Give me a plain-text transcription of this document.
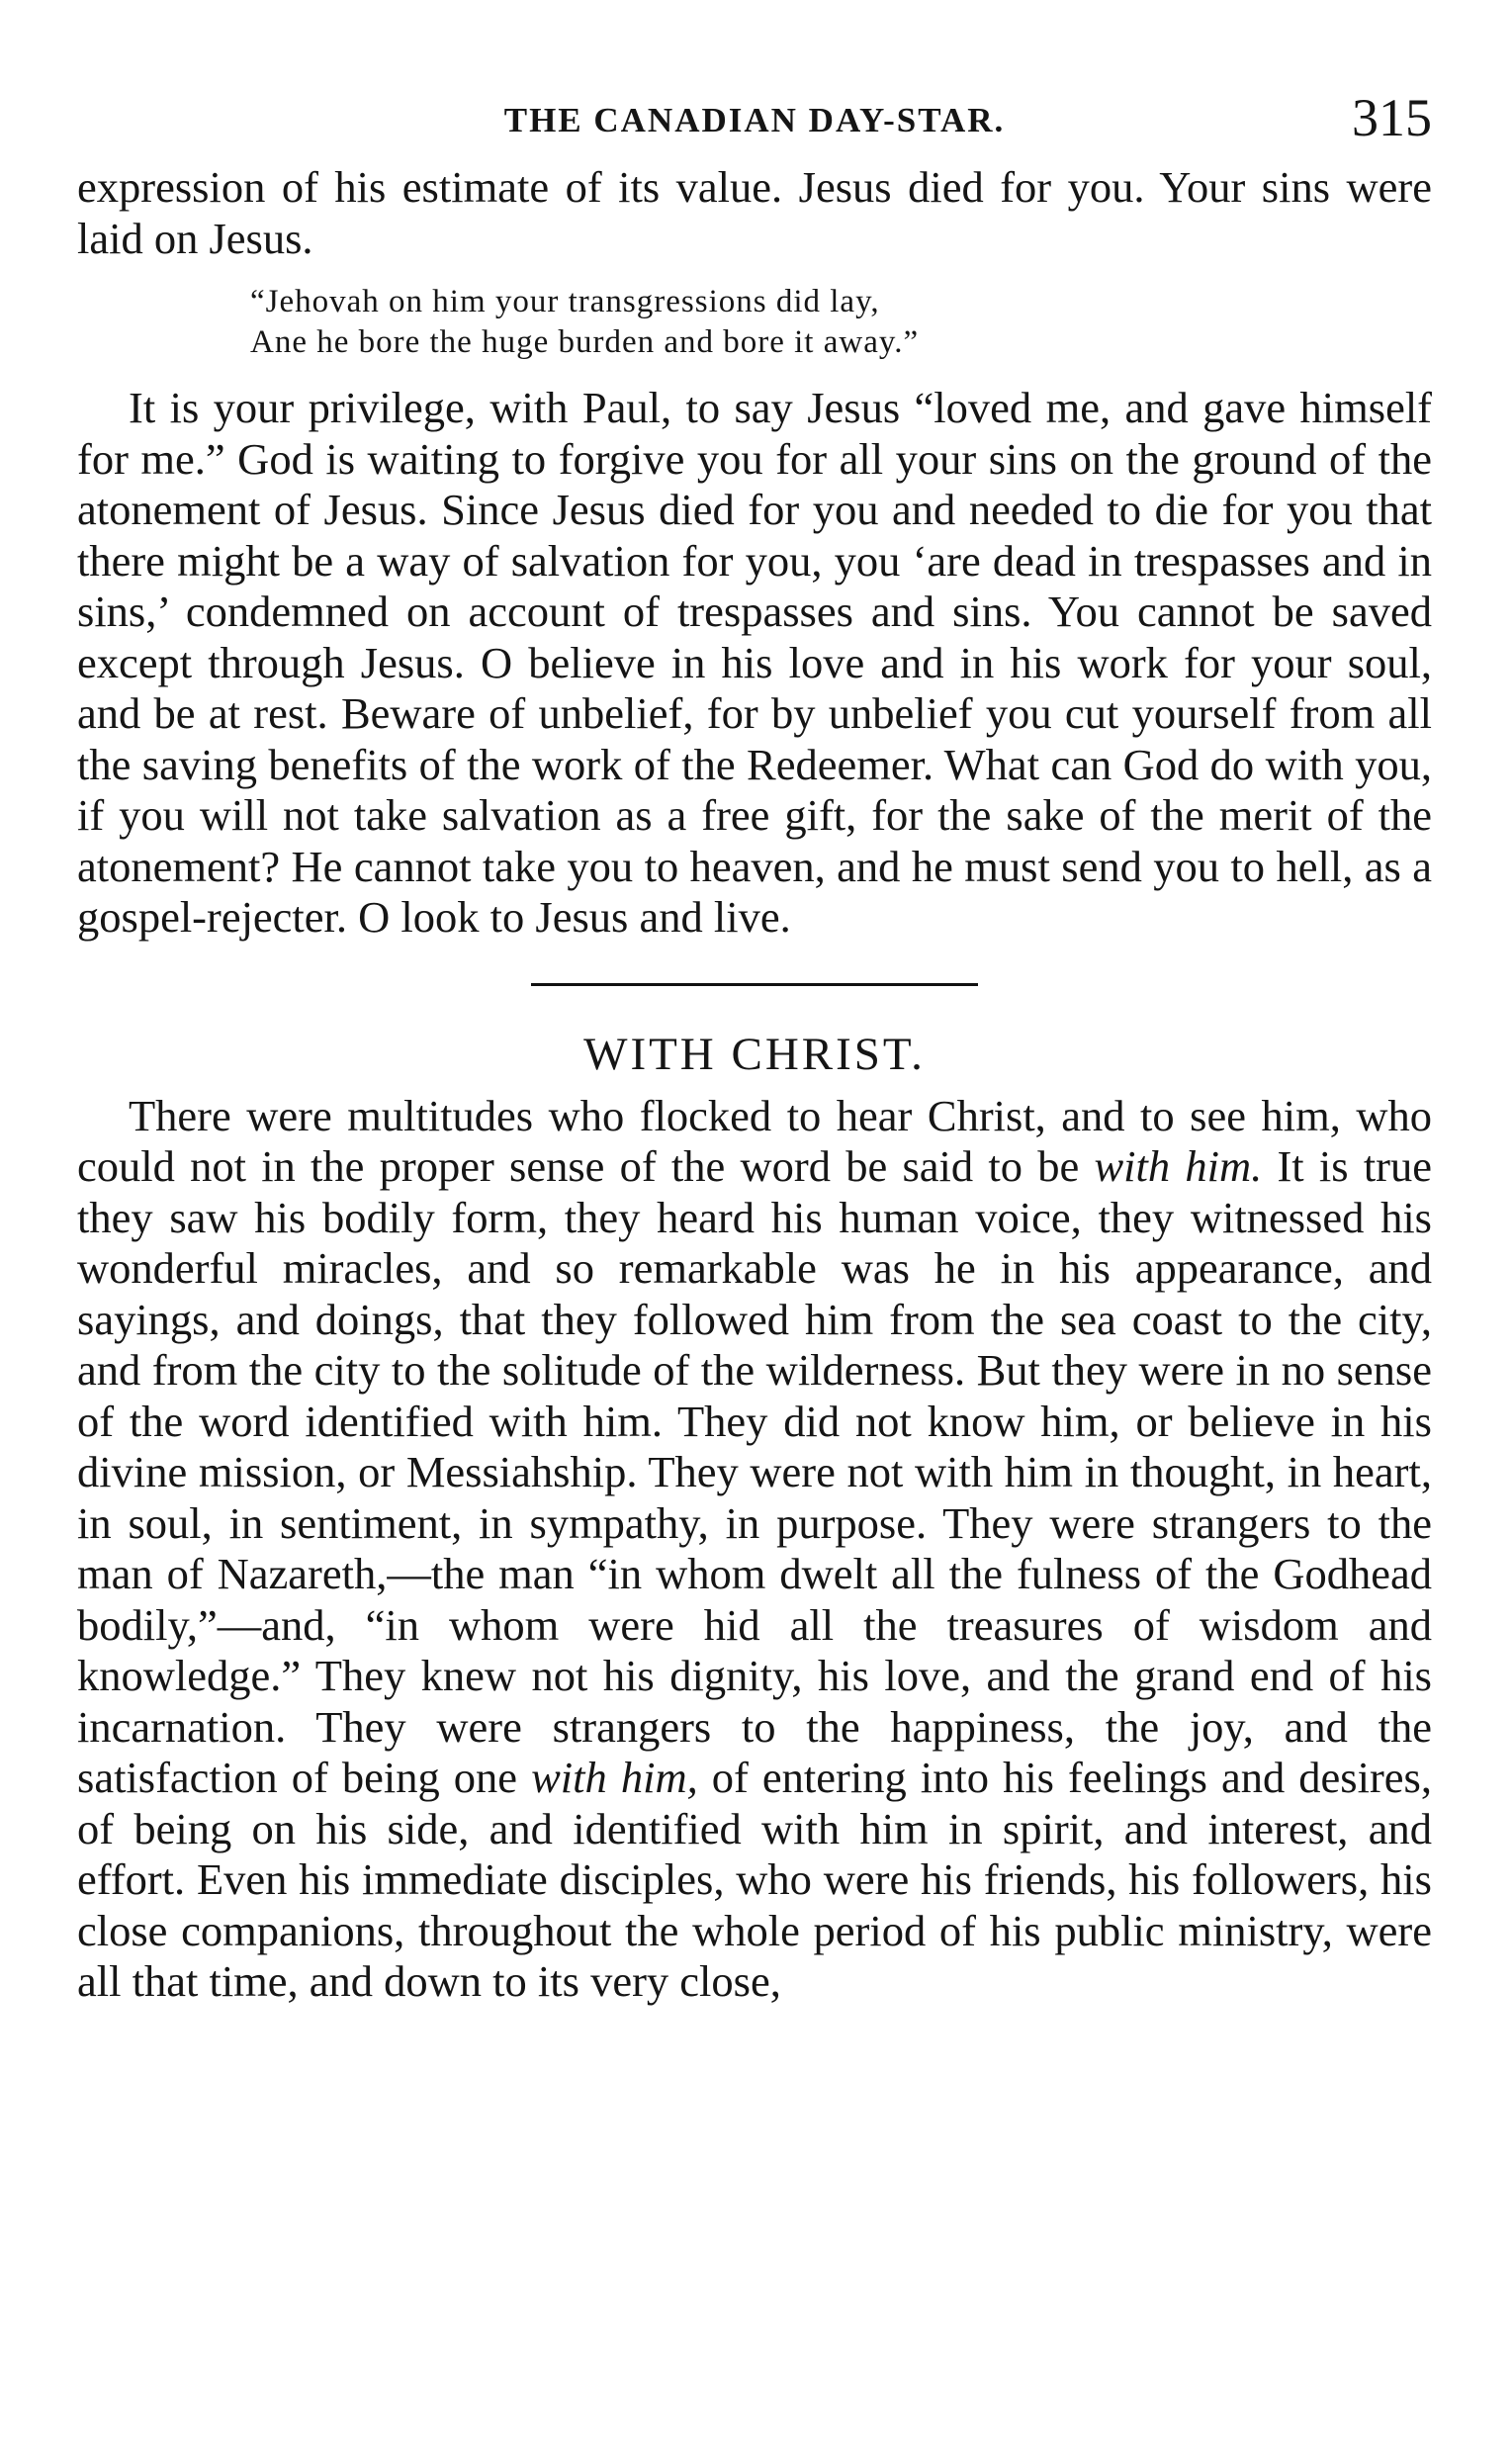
THE CANADIAN DAY-STAR.	315

expression of his estimate of its value. Jesus died for you. Your sins were laid on Jesus.

“Jehovah on him your transgressions did lay,
Ane he bore the huge burden and bore it away.”

It is your privilege, with Paul, to say Jesus “loved me, and gave himself for me.” God is waiting to forgive you for all your sins on the ground of the atonement of Jesus. Since Jesus died for you and needed to die for you that there might be a way of salvation for you, you ‘are dead in trespasses and in sins,’ condemned on account of trespasses and sins. You cannot be saved except through Jesus. O believe in his love and in his work for your soul, and be at rest. Beware of unbelief, for by unbelief you cut yourself from all the saving benefits of the work of the Redeemer. What can God do with you, if you will not take salvation as a free gift, for the sake of the merit of the atonement? He cannot take you to heaven, and he must send you to hell, as a gospel-rejecter. O look to Jesus and live.

WITH CHRIST.

There were multitudes who flocked to hear Christ, and to see him, who could not in the proper sense of the word be said to be with him. It is true they saw his bodily form, they heard his human voice, they witnessed his wonderful miracles, and so remarkable was he in his appearance, and sayings, and doings, that they followed him from the sea coast to the city, and from the city to the solitude of the wilderness. But they were in no sense of the word identified with him. They did not know him, or believe in his divine mission, or Messiahship. They were not with him in thought, in heart, in soul, in sentiment, in sympathy, in purpose. They were strangers to the man of Nazareth,—the man “in whom dwelt all the fulness of the Godhead bodily,”—and, “in whom were hid all the treasures of wisdom and knowledge.” They knew not his dignity, his love, and the grand end of his incarnation. They were strangers to the happiness, the joy, and the satisfaction of being one with him, of entering into his feelings and desires, of being on his side, and identified with him in spirit, and interest, and effort. Even his immediate disciples, who were his friends, his followers, his close companions, throughout the whole period of his public ministry, were all that time, and down to its very close,
